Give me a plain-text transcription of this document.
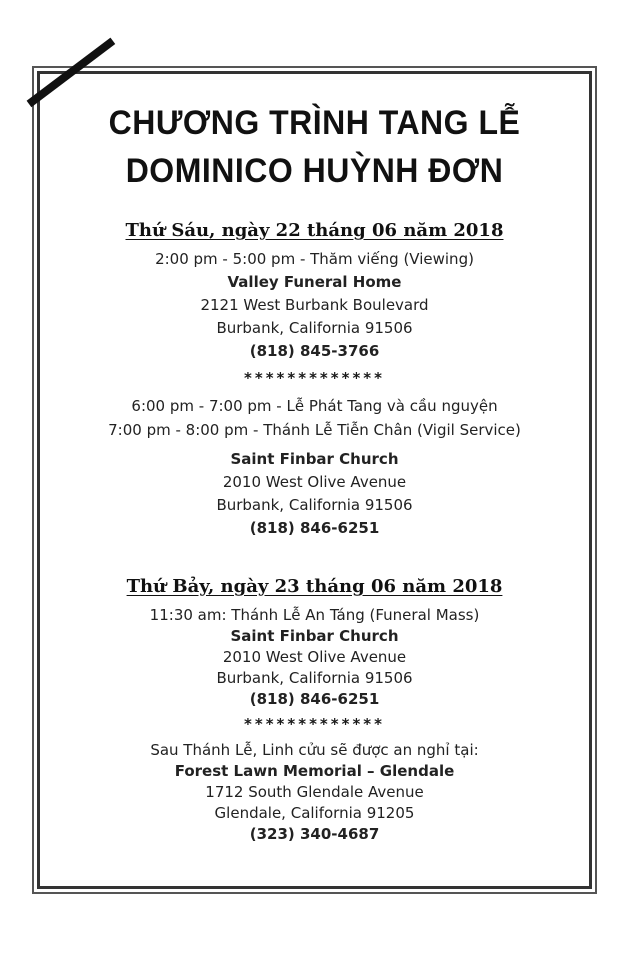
CHƯƠNG TRÌNH TANG LỄ
DOMINICO HUỲNH ĐƠN
Thứ Sáu, ngày 22 tháng 06 năm 2018
2:00 pm - 5:00 pm - Thăm viếng (Viewing)
Valley Funeral Home
2121 West Burbank Boulevard
Burbank, California 91506
(818) 845-3766
*************
6:00 pm - 7:00 pm - Lễ Phát Tang và cầu nguyện
7:00 pm - 8:00 pm - Thánh Lễ Tiễn Chân (Vigil Service)
Saint Finbar Church
2010 West Olive Avenue
Burbank, California 91506
(818) 846-6251
Thứ Bảy, ngày 23 tháng 06 năm 2018
11:30 am: Thánh Lễ An Táng (Funeral Mass)
Saint Finbar Church
2010 West Olive Avenue
Burbank, California 91506
(818) 846-6251
*************
Sau Thánh Lễ, Linh cửu sẽ được an nghỉ tại:
Forest Lawn Memorial – Glendale
1712 South Glendale Avenue
Glendale, California 91205
(323) 340-4687
